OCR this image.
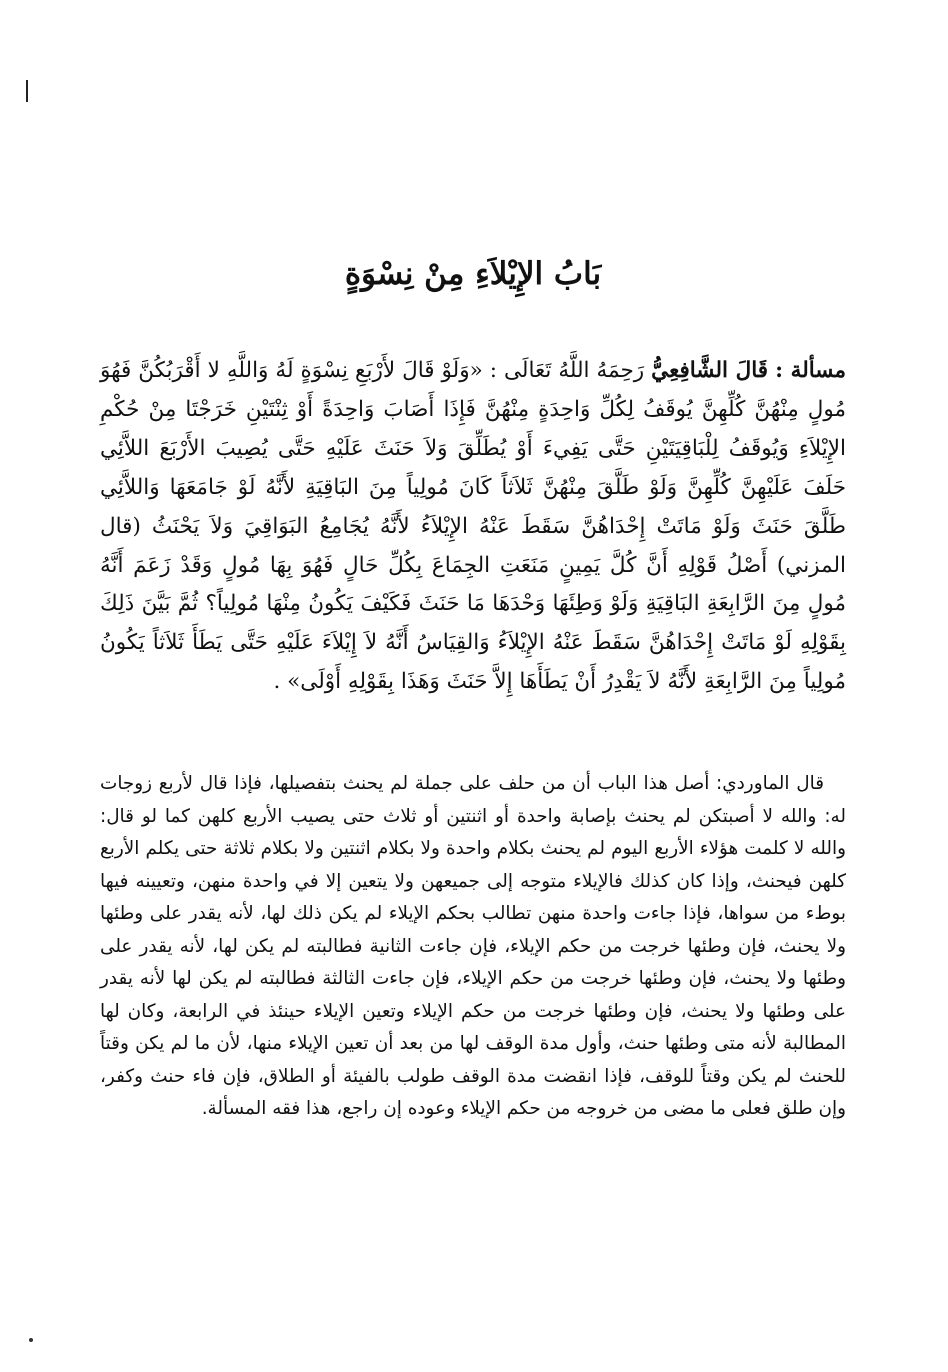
بَابُ الإِيْلاَءِ مِنْ نِسْوَةٍ

مسألة : قَالَ الشَّافِعِيُّ رَحِمَهُ اللَّهُ تَعَالَى : «وَلَوْ قَالَ لأَرْبَعِ نِسْوَةٍ لَهُ وَاللَّهِ لا أَقْرَبُكُنَّ فَهُوَ مُولٍ مِنْهُنَّ كُلِّهِنَّ يُوقَفُ لِكُلِّ وَاحِدَةٍ مِنْهُنَّ فَإِذَا أَصَابَ وَاحِدَةً أَوْ ثِنْتَيْنِ خَرَجْتَا مِنْ حُكْمِ الإِيْلاَءِ وَيُوقَفُ لِلْبَاقِيَتَيْنِ حَتَّى يَفِيءَ أَوْ يُطَلِّقَ وَلاَ حَنَثَ عَلَيْهِ حَتَّى يُصِيبَ الأَرْبَعَ اللاَّئِي حَلَفَ عَلَيْهِنَّ كُلِّهِنَّ وَلَوْ طَلَّقَ مِنْهُنَّ ثَلاَثاً كَانَ مُولِياً مِنَ البَاقِيَةِ لأَنَّهُ لَوْ جَامَعَهَا وَاللاَّئِي طَلَّقَ حَنَثَ وَلَوْ مَاتَتْ إِحْدَاهُنَّ سَقَطَ عَنْهُ الإِيْلاَءُ لأَنَّهُ يُجَامِعُ البَوَاقِيَ وَلاَ يَحْنَثُ (قال المزني) أَصْلُ قَوْلِهِ أَنَّ كُلَّ يَمِينٍ مَنَعَتِ الجِمَاعَ بِكُلِّ حَالٍ فَهُوَ بِهَا مُولٍ وَقَدْ زَعَمَ أَنَّهُ مُولٍ مِنَ الرَّابِعَةِ البَاقِيَةِ وَلَوْ وَطِئَهَا وَحْدَهَا مَا حَنَثَ فَكَيْفَ يَكُونُ مِنْهَا مُولِياً؟ ثُمَّ بَيَّنَ ذَلِكَ بِقَوْلِهِ لَوْ مَاتَتْ إِحْدَاهُنَّ سَقَطَ عَنْهُ الإِيْلاَءُ وَالقِيَاسُ أَنَّهُ لاَ إِيْلاَءَ عَلَيْهِ حَتَّى يَطَأَ ثَلاَثاً يَكُونُ مُولِياً مِنَ الرَّابِعَةِ لأَنَّهُ لاَ يَقْدِرُ أَنْ يَطَأَهَا إِلاَّ حَنَثَ وَهَذَا بِقَوْلِهِ أَوْلَى» .

قال الماوردي: أصل هذا الباب أن من حلف على جملة لم يحنث بتفصيلها، فإذا قال لأربع زوجات له: والله لا أصبتكن لم يحنث بإصابة واحدة أو اثنتين أو ثلاث حتى يصيب الأربع كلهن كما لو قال: والله لا كلمت هؤلاء الأربع اليوم لم يحنث بكلام واحدة ولا بكلام اثنتين ولا بكلام ثلاثة حتى يكلم الأربع كلهن فيحنث، وإذا كان كذلك فالإيلاء متوجه إلى جميعهن ولا يتعين إلا في واحدة منهن، وتعيينه فيها بوطء من سواها، فإذا جاءت واحدة منهن تطالب بحكم الإيلاء لم يكن ذلك لها، لأنه يقدر على وطئها ولا يحنث، فإن وطئها خرجت من حكم الإيلاء، فإن جاءت الثانية فطالبته لم يكن لها، لأنه يقدر على وطئها ولا يحنث، فإن وطئها خرجت من حكم الإيلاء، فإن جاءت الثالثة فطالبته لم يكن لها لأنه يقدر على وطئها ولا يحنث، فإن وطئها خرجت من حكم الإيلاء وتعين الإيلاء حينئذ في الرابعة، وكان لها المطالبة لأنه متى وطئها حنث، وأول مدة الوقف لها من بعد أن تعين الإيلاء منها، لأن ما لم يكن وقتاً للحنث لم يكن وقتاً للوقف، فإذا انقضت مدة الوقف طولب بالفيئة أو الطلاق، فإن فاء حنث وكفر، وإن طلق فعلى ما مضى من خروجه من حكم الإيلاء وعوده إن راجع، هذا فقه المسألة.
